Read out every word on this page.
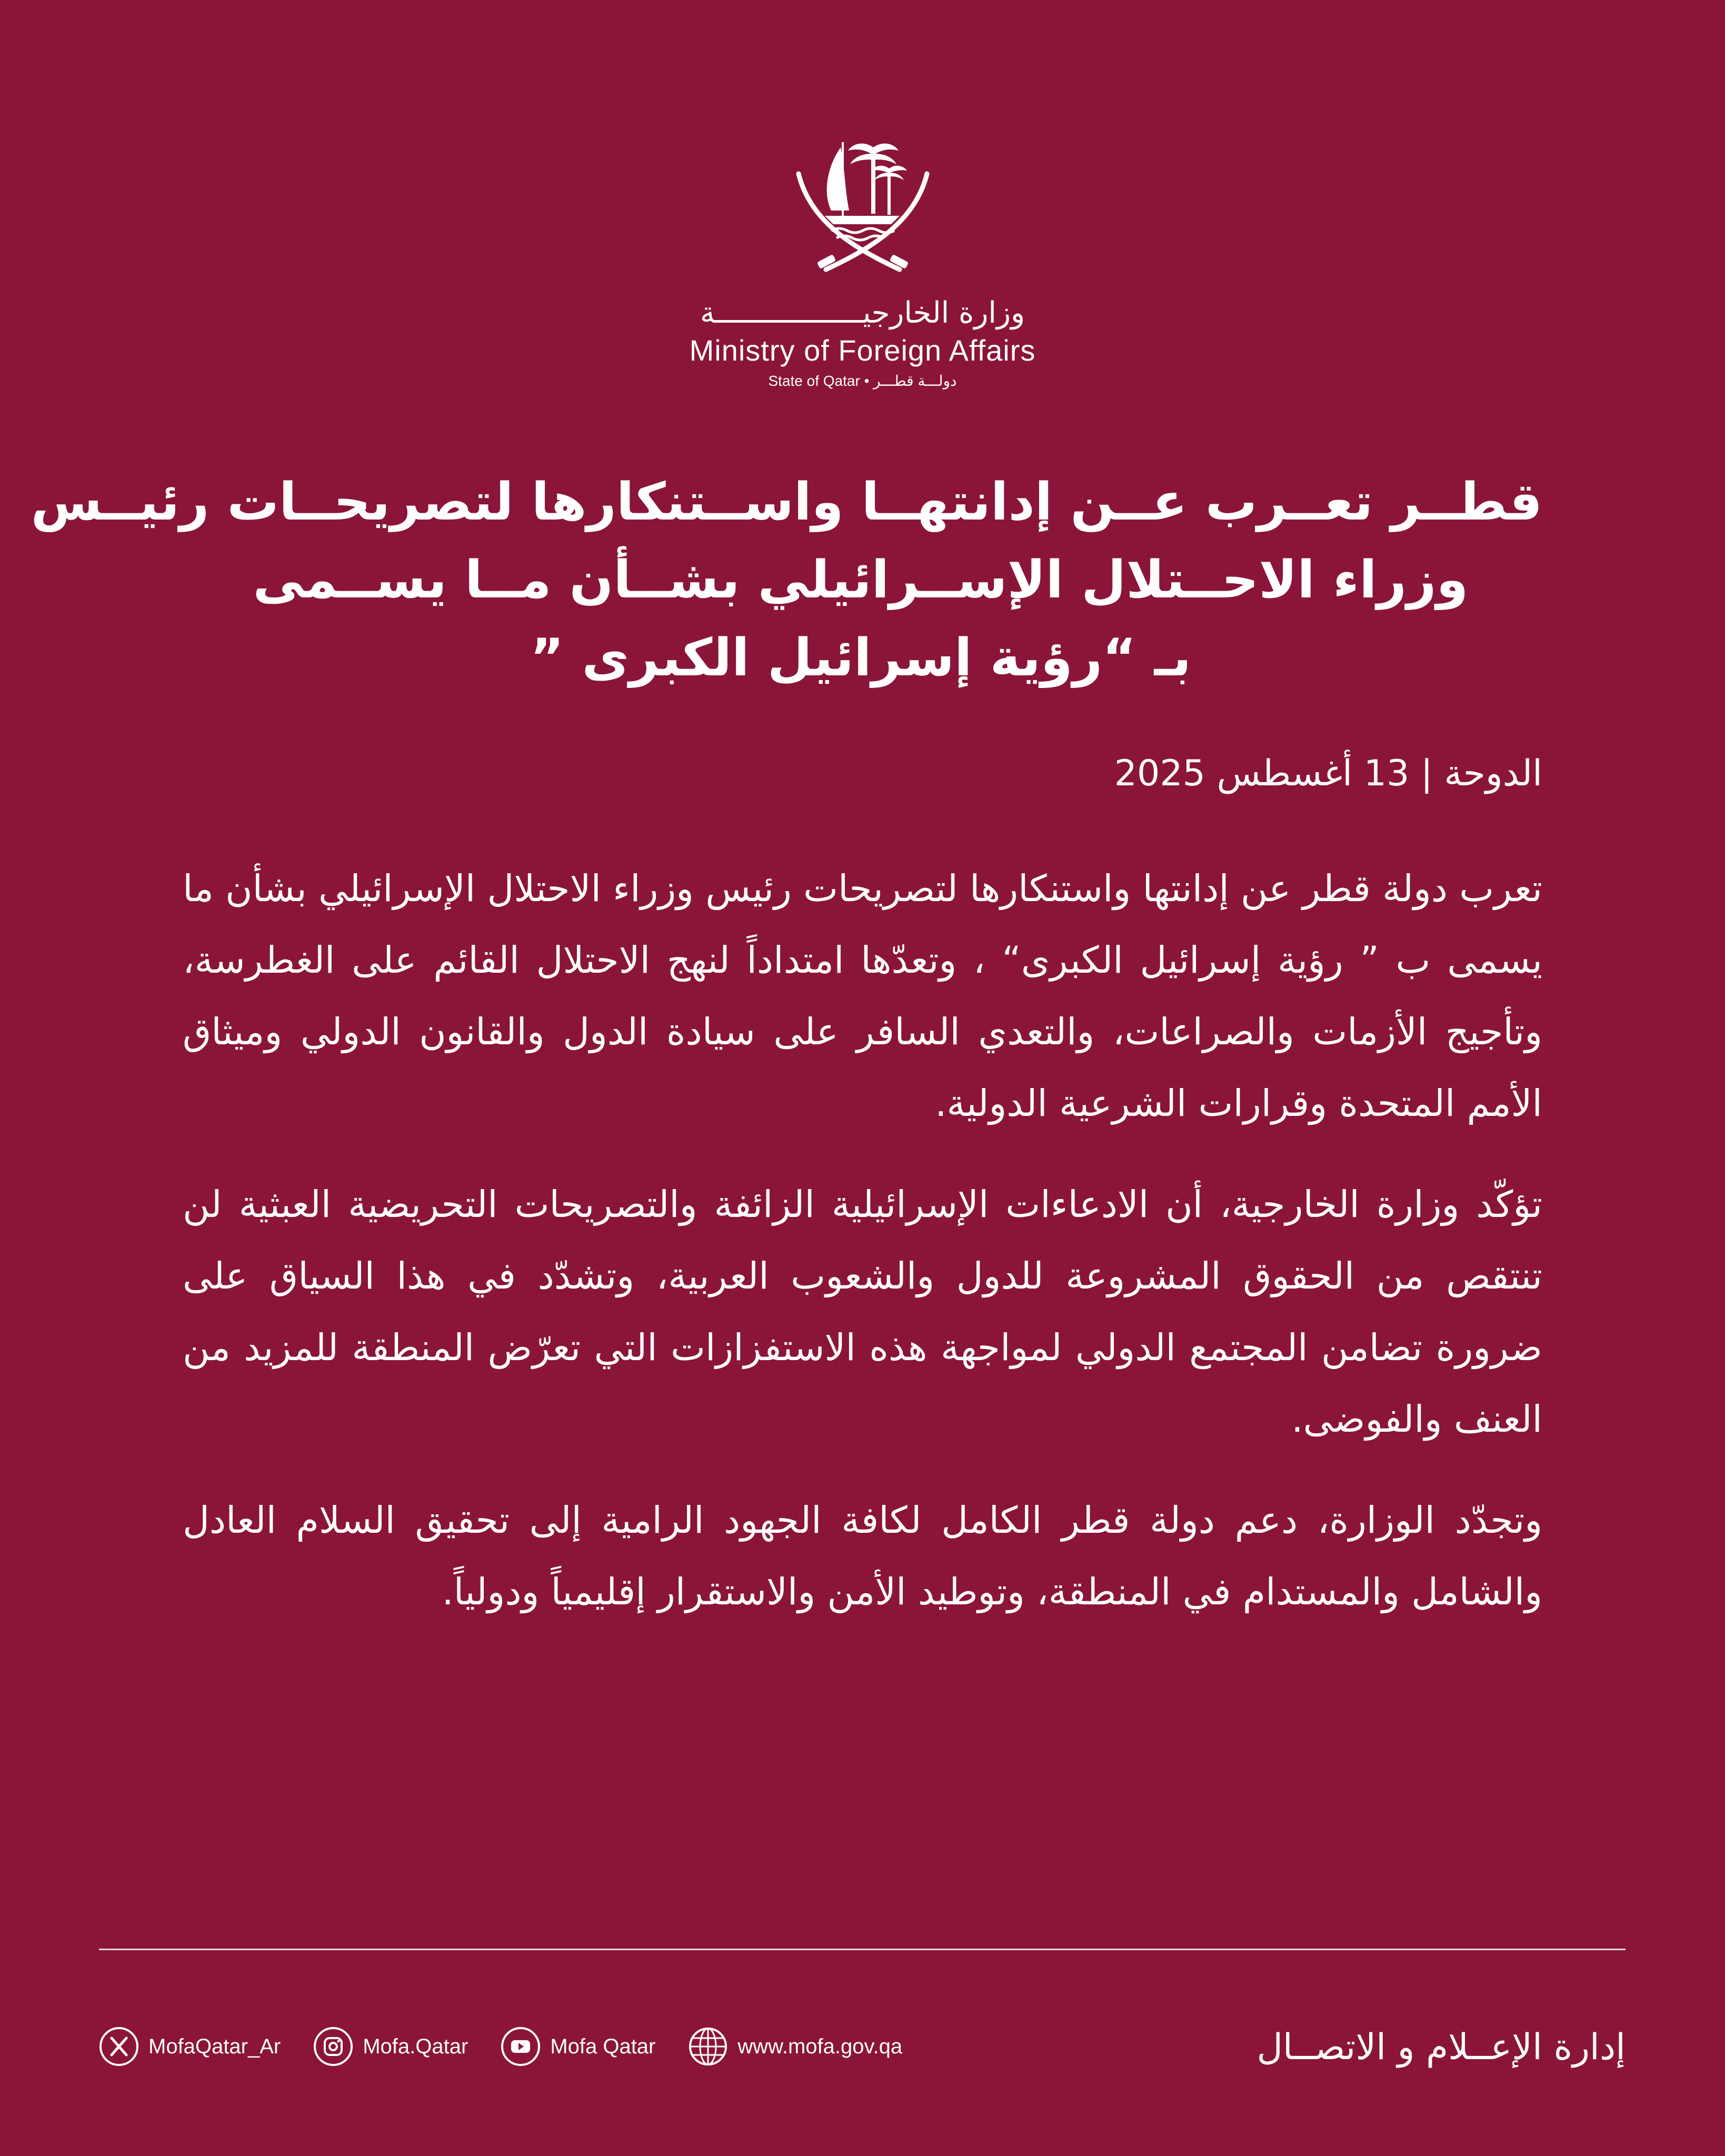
وزارة الخارجيـــــــــــــــــة
Ministry of Foreign Affairs
State of Qatar • دولـــة قطـــر
قطــر تعــرب عــن إدانتهــا واســتنكارها لتصريحــات رئيــس
وزراء الاحــتلال الإســرائيلي بشــأن مــا يســمى
بـ “رؤية إسرائيل الكبرى ”
الدوحة | 13 أغسطس 2025

تعرب دولة قطر عن إدانتها واستنكارها لتصريحات رئيس وزراء الاحتلال الإسرائيلي بشأن ما يسمى ب ” رؤية إسرائيل الكبرى“ ، وتعدّها امتداداً لنهج الاحتلال القائم على الغطرسة، وتأجيج الأزمات والصراعات، والتعدي السافر على سيادة الدول والقانون الدولي وميثاق الأمم المتحدة وقرارات الشرعية الدولية.

تؤكّد وزارة الخارجية، أن الادعاءات الإسرائيلية الزائفة والتصريحات التحريضية العبثية لن تنتقص من الحقوق المشروعة للدول والشعوب العربية، وتشدّد في هذا السياق على ضرورة تضامن المجتمع الدولي لمواجهة هذه الاستفزازات التي تعرّض المنطقة للمزيد من العنف والفوضى.

وتجدّد الوزارة، دعم دولة قطر الكامل لكافة الجهود الرامية إلى تحقيق السلام العادل والشامل والمستدام في المنطقة، وتوطيد الأمن والاستقرار إقليمياً ودولياً.

MofaQatar_Ar	Mofa.Qatar	Mofa Qatar	www.mofa.gov.qa	إدارة الإعــلام و الاتصــال
